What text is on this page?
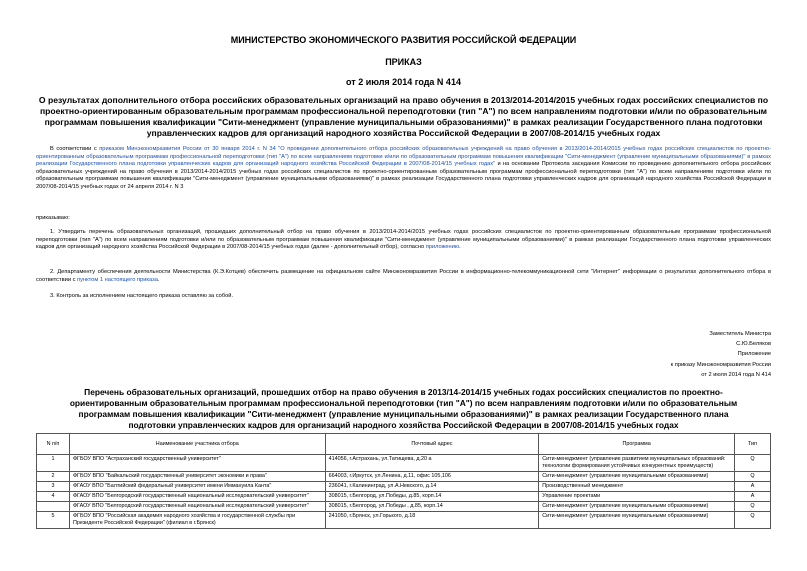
МИНИСТЕРСТВО ЭКОНОМИЧЕСКОГО РАЗВИТИЯ РОССИЙСКОЙ ФЕДЕРАЦИИ
ПРИКАЗ
от 2 июля 2014 года N 414
О результатах дополнительного отбора российских образовательных организаций на право обучения в 2013/2014-2014/2015 учебных годах российских специалистов по проектно-ориентированным образовательным программам профессиональной переподготовки (тип "А") по всем направлениям подготовки и/или по образовательным программам повышения квалификации "Сити-менеджмент (управление муниципальными образованиями)" в рамках реализации Государственного плана подготовки управленческих кадров для организаций народного хозяйства Российской Федерации в 2007/08-2014/15 учебных годах
В соответствии с приказом Минэкономразвития России от 30 января 2014 г. N 34 "О проведении дополнительного отбора российских образовательных учреждений на право обучения в 2013/2014-2014/2015 учебных годах российских специалистов по проектно-ориентированным образовательным программам профессиональной переподготовки (тип "А") по всем направлениям подготовки и/или по образовательным программам повышения квалификации "Сити-менеджмент (управление муниципальными образованиями)" в рамках реализации Государственного плана подготовки управленческих кадров для организаций народного хозяйства Российской Федерации в 2007/08-2014/15 учебных годах" и на основании Протокола заседания Комиссии по проведению дополнительного отбора российских образовательных учреждений на право обучения в 2013/2014-2014/2015 учебных годах российских специалистов по проектно-ориентированным образовательным программам профессиональной переподготовки (тип "А") по всем направлениям подготовки и/или по образовательным программам повышения квалификации "Сити-менеджмент (управление муниципальными образованиями)" в рамках реализации Государственного плана подготовки управленческих кадров для организаций народного хозяйства Российской Федерации в 2007/08-2014/15 учебных годах от 24 апреля 2014 г. N 3
приказываю:
1. Утвердить перечень образовательных организаций, прошедших дополнительный отбор на право обучения в 2013/2014-2014/2015 учебных годах российских специалистов по проектно-ориентированным образовательным программам профессиональной переподготовки (тип "А") по всем направлениям подготовки и/или по образовательным программам повышения квалификации "Сити-менеджмент (управление муниципальными образованиями)" в рамках реализации Государственного плана подготовки управленческих кадров для организаций народного хозяйства Российской Федерации в 2007/08-2014/15 учебных годах (далее - дополнительный отбор), согласно приложению.
2. Департаменту обеспечения деятельности Министерства (К.Э.Котцев) обеспечить размещение на официальном сайте Минэкономразвития России в информационно-телекоммуникационной сети "Интернет" информации о результатах дополнительного отбора в соответствии с пунктом 1 настоящего приказа.
3. Контроль за исполнением настоящего приказа оставляю за собой.
Заместитель Министра
С.Ю.Беляков
Приложение
к приказу Минэкономразвития России
от 2 июля 2014 года N 414
Перечень образовательных организаций, прошедших отбор на право обучения в 2013/14-2014/15 учебных годах российских специалистов по проектно-ориентированным образовательным программам профессиональной переподготовки (тип "А") по всем направлениям подготовки и/или по образовательным программам повышения квалификации "Сити-менеджмент (управление муниципальными образованиями)" в рамках реализации Государственного плана подготовки управленческих кадров для организаций народного хозяйства Российской Федерации в 2007/08-2014/15 учебных годах
N п/п	Наименование участника отбора	Почтовый адрес	Программа	Тип
1	ФГБОУ ВПО "Астраханский государственный университет"	414056, г.Астрахань, ул.Татищева, д.20 а	Сити-менеджмент (управление развитием муниципальных образований: технологии формирования устойчивых конкурентных преимуществ)	Q
2	ФГБОУ ВПО "Байкальский государственный университет экономики и права"	664003, г.Иркутск, ул.Ленина, д.11, офис 105,106	Сити-менеджмент (управление муниципальными образованиями)	Q
3	ФГАОУ ВПО "Балтийский федеральный университет имени Иммануила Канта"	236041, г.Калининград, ул.А.Невского, д.14	Производственный менеджмент	А
4	ФГАОУ ВПО "Белгородский государственный национальный исследовательский университет"	308015, г.Белгород, ул.Победы, д.85, корп.14	Управление проектами	А
	ФГАОУ ВПО "Белгородский государственный национальный исследовательский университет"	308015, г.Белгород, ул.Победы , д.85, корп.14	Сити-менеджмент (управление муниципальными образованиями)	Q
5	ФГБОУ ВПО "Российская академия народного хозяйства и государственной службы при Президенте Российской Федерации" (филиал в г.Брянск)	241050, г.Брянск, ул.Горького, д.18	Сити-менеджмент (управление муниципальными образованиями)	Q
